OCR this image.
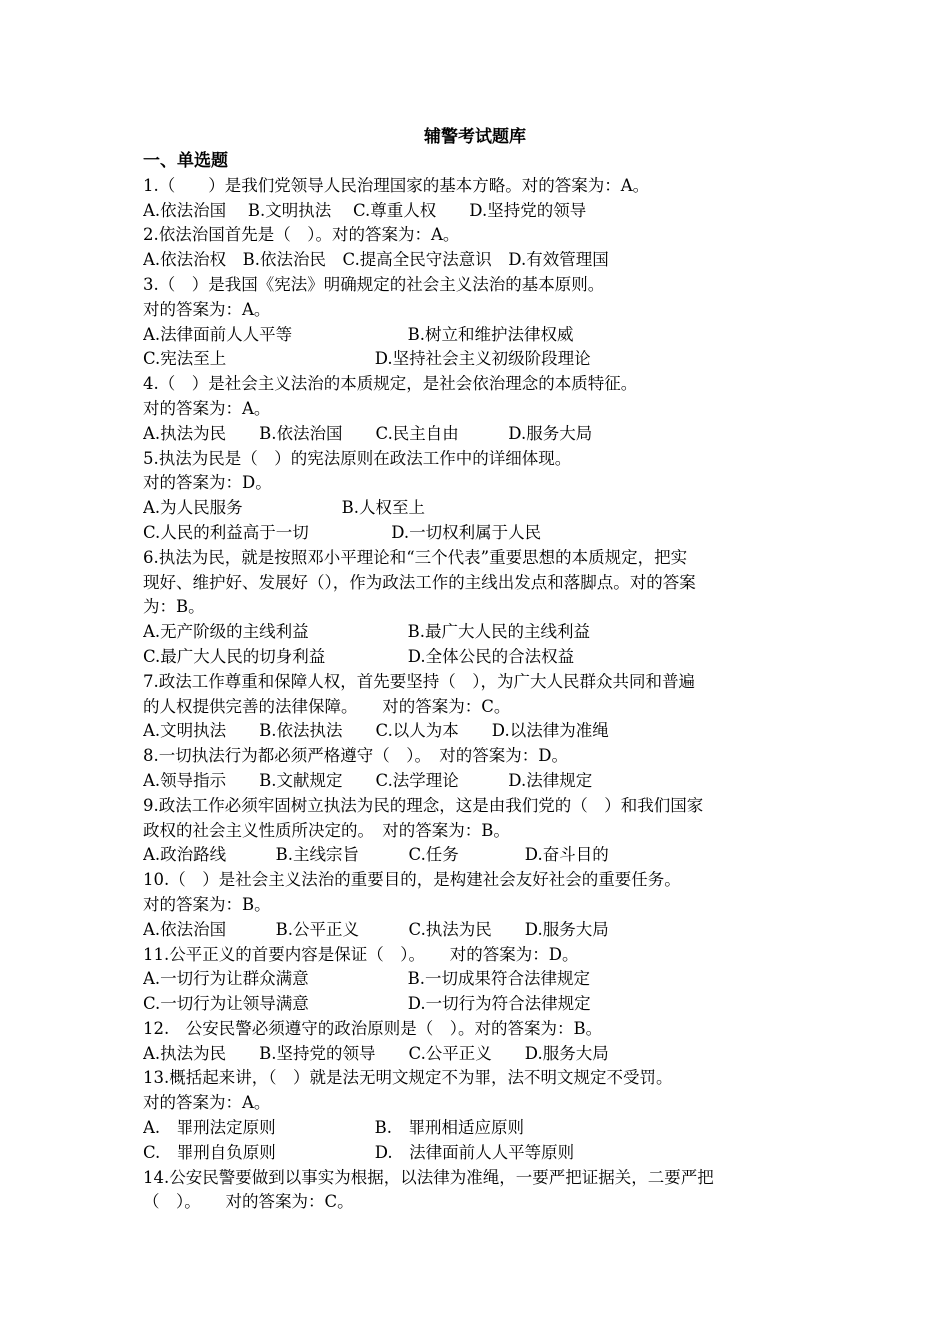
辅警考试题库
一、单选题
1.（　　）是我们党领导人民治理国家的基本方略。对的答案为：A。
A.依法治国　 B.文明执法　 C.尊重人权　　D.坚持党的领导
2.依法治国首先是（　）。对的答案为：A。
A.依法治权　B.依法治民　C.提高全民守法意识　D.有效管理国
3.（　）是我国《宪法》明确规定的社会主义法治的基本原则。
对的答案为：A。
A.法律面前人人平等　　　　　　　B.树立和维护法律权威
C.宪法至上　　　　　　　　　D.坚持社会主义初级阶段理论
4.（　）是社会主义法治的本质规定，是社会依治理念的本质特征。
对的答案为：A。
A.执法为民　　B.依法治国　　C.民主自由　　　D.服务大局
5.执法为民是（　）的宪法原则在政法工作中的详细体现。
对的答案为：D。
A.为人民服务　　　　　　B.人权至上
C.人民的利益高于一切　　　　　D.一切权利属于人民
6.执法为民，就是按照邓小平理论和“三个代表”重要思想的本质规定，把实
现好、维护好、发展好（），作为政法工作的主线出发点和落脚点。对的答案
为：B。
A.无产阶级的主线利益　　　　　　B.最广大人民的主线利益
C.最广大人民的切身利益　　　　　D.全体公民的合法权益
7.政法工作尊重和保障人权，首先要坚持（　），为广大人民群众共同和普遍
的人权提供完善的法律保障。　　对的答案为：C。
A.文明执法　　B.依法执法　　C.以人为本　　D.以法律为准绳
8.一切执法行为都必须严格遵守（　）。　对的答案为：D。
A.领导指示　　B.文献规定　　C.法学理论　　　D.法律规定
9.政法工作必须牢固树立执法为民的理念，这是由我们党的（　）和我们国家
政权的社会主义性质所决定的。　对的答案为：B。
A.政治路线　　　B.主线宗旨　　　C.任务　　　　D.奋斗目的
10.（　）是社会主义法治的重要目的，是构建社会友好社会的重要任务。
对的答案为：B。
A.依法治国　　　B.公平正义　　　C.执法为民　　D.服务大局
11.公平正义的首要内容是保证（　）。　　对的答案为：D。
A.一切行为让群众满意　　　　　　B.一切成果符合法律规定
C.一切行为让领导满意　　　　　　D.一切行为符合法律规定
12.　公安民警必须遵守的政治原则是（　）。对的答案为：B。
A.执法为民　　B.坚持党的领导　　C.公平正义　　D.服务大局
13.概括起来讲，（　）就是法无明文规定不为罪，法不明文规定不受罚。
对的答案为：A。
A.　罪刑法定原则　　　　　　B.　罪刑相适应原则
C.　罪刑自负原则　　　　　　D.　法律面前人人平等原则
14.公安民警要做到以事实为根据，以法律为准绳，一要严把证据关，二要严把
（　）。　　对的答案为：C。
